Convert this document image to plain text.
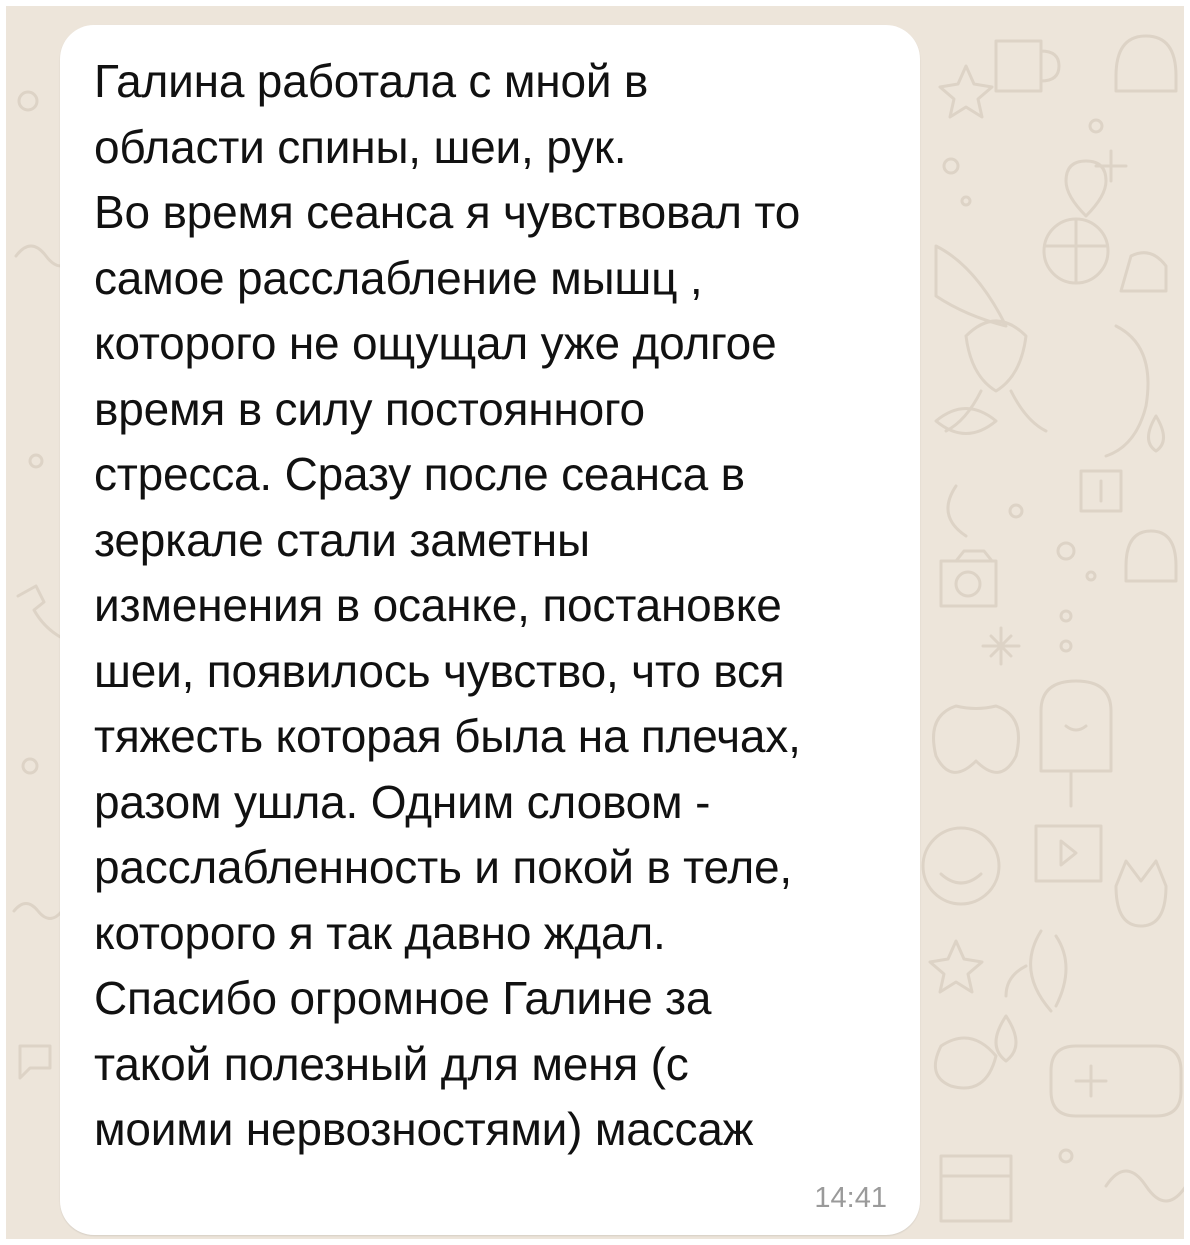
Галина работала с мной в
области спины, шеи, рук.
Во время сеанса я чувствовал то
самое расслабление мышц ,
которого не ощущал уже долгое
время в силу постоянного
стресса. Сразу после сеанса в
зеркале стали заметны
изменения в осанке, постановке
шеи, появилось чувство, что вся
тяжесть которая была на плечах,
разом ушла. Одним словом -
расслабленность и покой в теле,
которого я так давно ждал.
Спасибо огромное Галине за
такой полезный для меня (с
моими нервозностями) массаж

14:41
